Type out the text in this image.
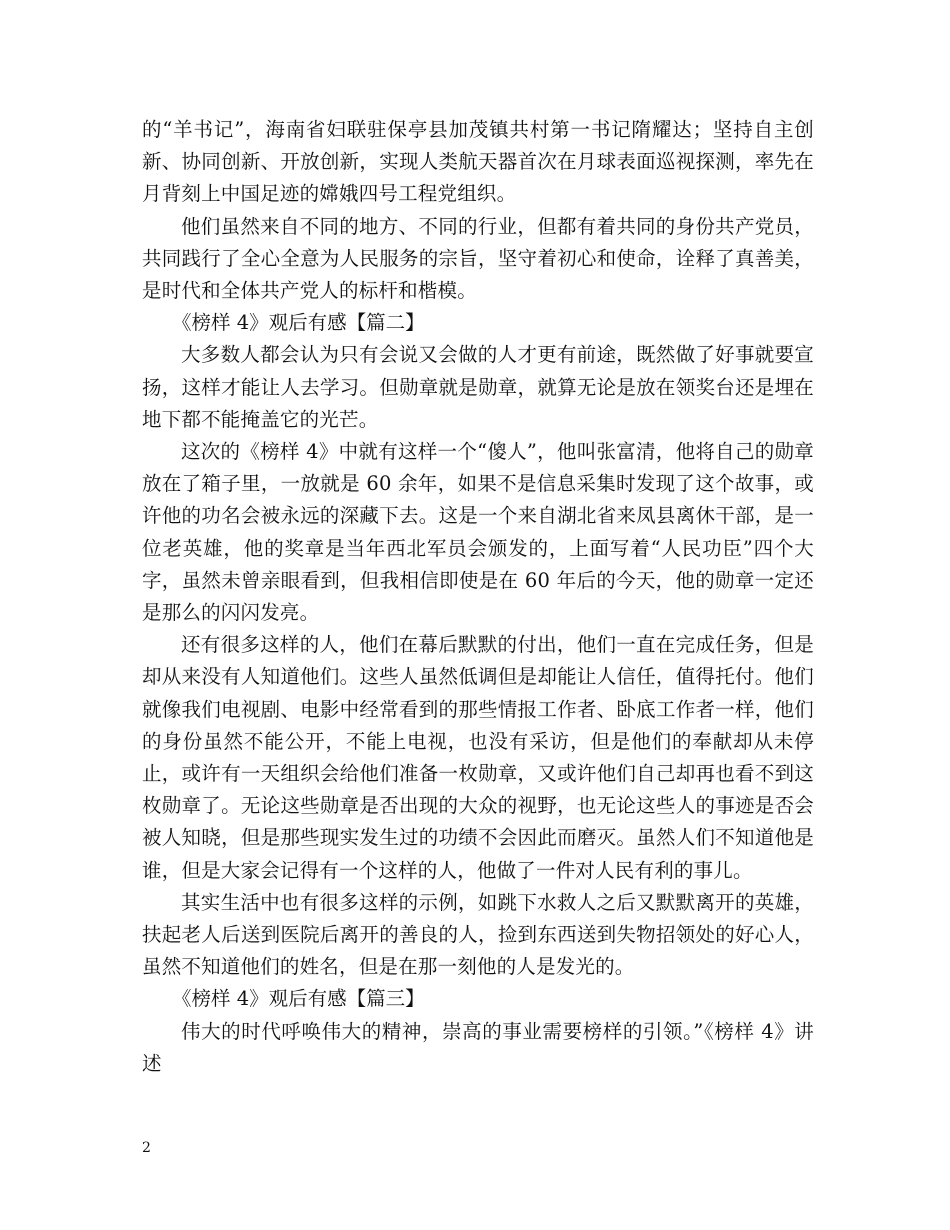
的“羊书记”，海南省妇联驻保亭县加茂镇共村第一书记隋耀达；坚持自主创新、协同创新、开放创新，实现人类航天器首次在月球表面巡视探测，率先在月背刻上中国足迹的嫦娥四号工程党组织。

他们虽然来自不同的地方、不同的行业，但都有着共同的身份共产党员，共同践行了全心全意为人民服务的宗旨，坚守着初心和使命，诠释了真善美，是时代和全体共产党人的标杆和楷模。

《榜样 4》观后有感【篇二】

大多数人都会认为只有会说又会做的人才更有前途，既然做了好事就要宣扬，这样才能让人去学习。但勋章就是勋章，就算无论是放在领奖台还是埋在地下都不能掩盖它的光芒。

这次的《榜样 4》中就有这样一个“傻人”，他叫张富清，他将自己的勋章放在了箱子里，一放就是 60 余年，如果不是信息采集时发现了这个故事，或许他的功名会被永远的深藏下去。这是一个来自湖北省来凤县离休干部，是一位老英雄，他的奖章是当年西北军员会颁发的，上面写着“人民功臣”四个大字，虽然未曾亲眼看到，但我相信即使是在 60 年后的今天，他的勋章一定还是那么的闪闪发亮。

还有很多这样的人，他们在幕后默默的付出，他们一直在完成任务，但是却从来没有人知道他们。这些人虽然低调但是却能让人信任，值得托付。他们就像我们电视剧、电影中经常看到的那些情报工作者、卧底工作者一样，他们的身份虽然不能公开，不能上电视，也没有采访，但是他们的奉献却从未停止，或许有一天组织会给他们准备一枚勋章，又或许他们自己却再也看不到这枚勋章了。无论这些勋章是否出现的大众的视野，也无论这些人的事迹是否会被人知晓，但是那些现实发生过的功绩不会因此而磨灭。虽然人们不知道他是谁，但是大家会记得有一个这样的人，他做了一件对人民有利的事儿。

其实生活中也有很多这样的示例，如跳下水救人之后又默默离开的英雄，扶起老人后送到医院后离开的善良的人，捡到东西送到失物招领处的好心人，虽然不知道他们的姓名，但是在那一刻他的人是发光的。

《榜样 4》观后有感【篇三】

伟大的时代呼唤伟大的精神，崇高的事业需要榜样的引领。”《榜样 4》讲述

2
